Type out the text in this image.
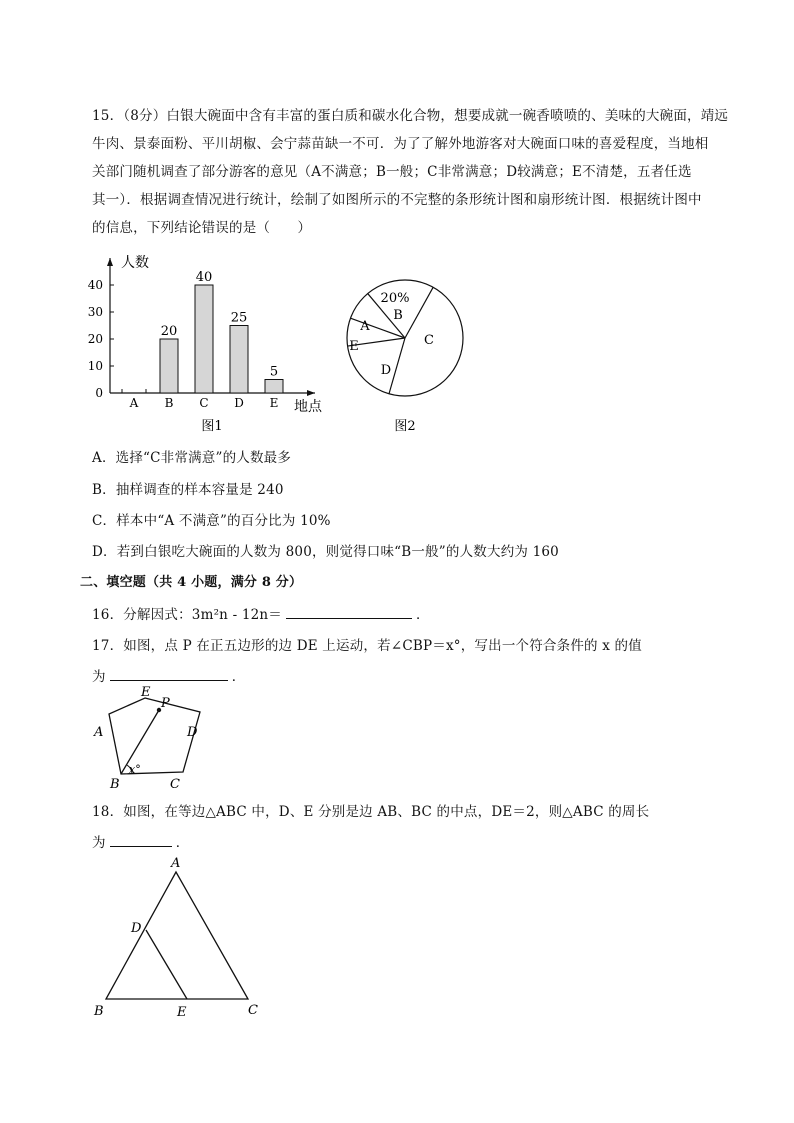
15．（8分）白银大碗面中含有丰富的蛋白质和碳水化合物，想要成就一碗香喷喷的、美味的大碗面，靖远
牛肉、景泰面粉、平川胡椒、会宁蒜苗缺一不可．为了了解外地游客对大碗面口味的喜爱程度，当地相
关部门随机调查了部分游客的意见（A不满意；B一般；C非常满意；D较满意；E不清楚，五者任选
其一）．根据调查情况进行统计，绘制了如图所示的不完整的条形统计图和扇形统计图．根据统计图中
的信息，下列结论错误的是（　　）
人数
地点
0
10
20
30
40
A B
20
C
40
D
25
E
5
图1
A
20%
B
C
D
E
图2
A．选择“C非常满意”的人数最多
B．抽样调查的样本容量是 240
C．样本中“A 不满意”的百分比为 10%
D．若到白银吃大碗面的人数为 800，则觉得口味“B一般”的人数大约为 160
二、填空题（共 4 小题，满分 8 分）
16．分解因式：3m²n - 12n＝	．
17．如图，点 P 在正五边形的边 DE 上运动，若∠CBP＝x°，写出一个符合条件的 x 的值
为	．
E
P
A	D
B	C
x°
18．如图，在等边△ABC 中，D、E 分别是边 AB、BC 的中点，DE＝2，则△ABC 的周长
为	．
A
D
B	E	C
